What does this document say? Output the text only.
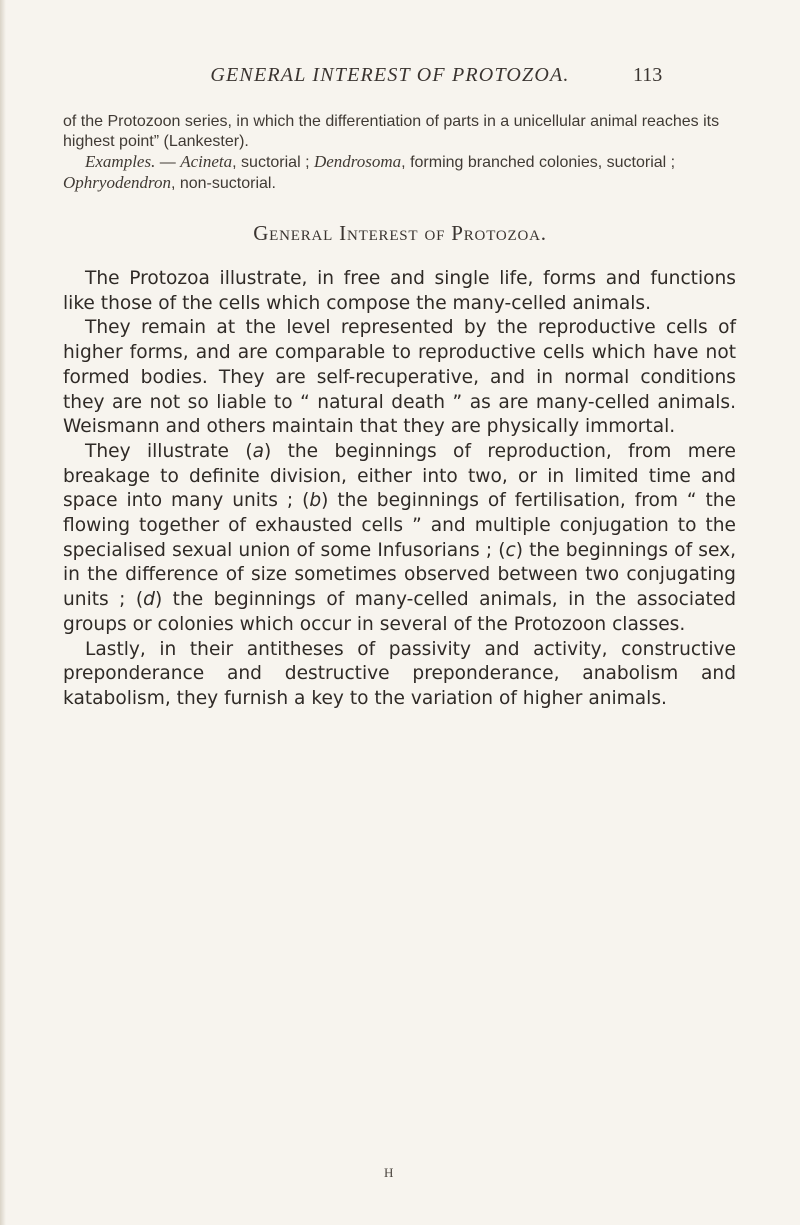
GENERAL INTEREST OF PROTOZOA.	113

of the Protozoon series, in which the differentiation of parts in a unicellular animal reaches its highest point” (Lankester).

Examples. — Acineta, suctorial ; Dendrosoma, forming branched colonies, suctorial ; Ophryodendron, non-suctorial.

General Interest of Protozoa.

The Protozoa illustrate, in free and single life, forms and functions like those of the cells which compose the many-celled animals.

They remain at the level represented by the reproductive cells of higher forms, and are comparable to reproductive cells which have not formed bodies. They are self-recuperative, and in normal conditions they are not so liable to “ natural death ” as are many-celled animals. Weismann and others maintain that they are physically immortal.

They illustrate (a) the beginnings of reproduction, from mere breakage to definite division, either into two, or in limited time and space into many units ; (b) the beginnings of fertilisation, from “ the flowing together of exhausted cells ” and multiple conjugation to the specialised sexual union of some Infusorians ; (c) the beginnings of sex, in the difference of size sometimes observed between two conjugating units ; (d) the beginnings of many-celled animals, in the associated groups or colonies which occur in several of the Protozoon classes.

Lastly, in their antitheses of passivity and activity, constructive preponderance and destructive preponderance, anabolism and katabolism, they furnish a key to the variation of higher animals.

H
